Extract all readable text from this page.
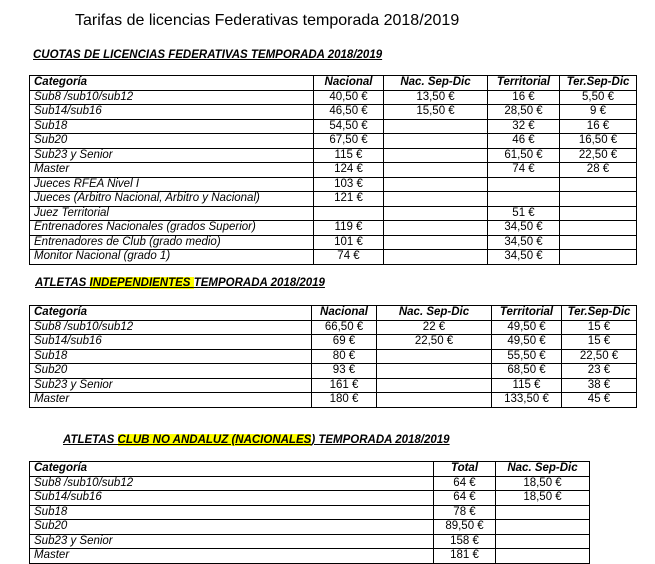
Tarifas de licencias Federativas temporada 2018/2019
CUOTAS DE LICENCIAS FEDERATIVAS TEMPORADA 2018/2019
Categoría	Nacional	Nac. Sep-Dic	Territorial	Ter.Sep-Dic
Sub8 /sub10/sub12	40,50 €	13,50 €	16 €	5,50 €
Sub14/sub16	46,50 €	15,50 €	28,50 €	9 €
Sub18	54,50 €		32 €	16 €
Sub20	67,50 €		46 €	16,50 €
Sub23 y Senior	115 €		61,50 €	22,50 €
Master	124 €		74 €	28 €
Jueces RFEA Nivel I	103 €			
Jueces (Arbitro Nacional, Arbitro y Nacional)	121 €			
Juez Territorial			51 €	
Entrenadores Nacionales (grados Superior)	119 €		34,50 €	
Entrenadores de Club (grado medio)	101 €		34,50 €	
Monitor Nacional (grado 1)	74 €		34,50 €	
ATLETAS INDEPENDIENTES TEMPORADA 2018/2019
Categoría	Nacional	Nac. Sep-Dic	Territorial	Ter.Sep-Dic
Sub8 /sub10/sub12	66,50 €	22 €	49,50 €	15 €
Sub14/sub16	69 €	22,50 €	49,50 €	15 €
Sub18	80 €		55,50 €	22,50 €
Sub20	93 €		68,50 €	23 €
Sub23 y Senior	161 €		115 €	38 €
Master	180 €		133,50 €	45 €
ATLETAS CLUB NO ANDALUZ (NACIONALES) TEMPORADA 2018/2019
Categoría	Total	Nac. Sep-Dic
Sub8 /sub10/sub12	64 €	18,50 €
Sub14/sub16	64 €	18,50 €
Sub18	78 €	
Sub20	89,50 €	
Sub23 y Senior	158 €	
Master	181 €	
